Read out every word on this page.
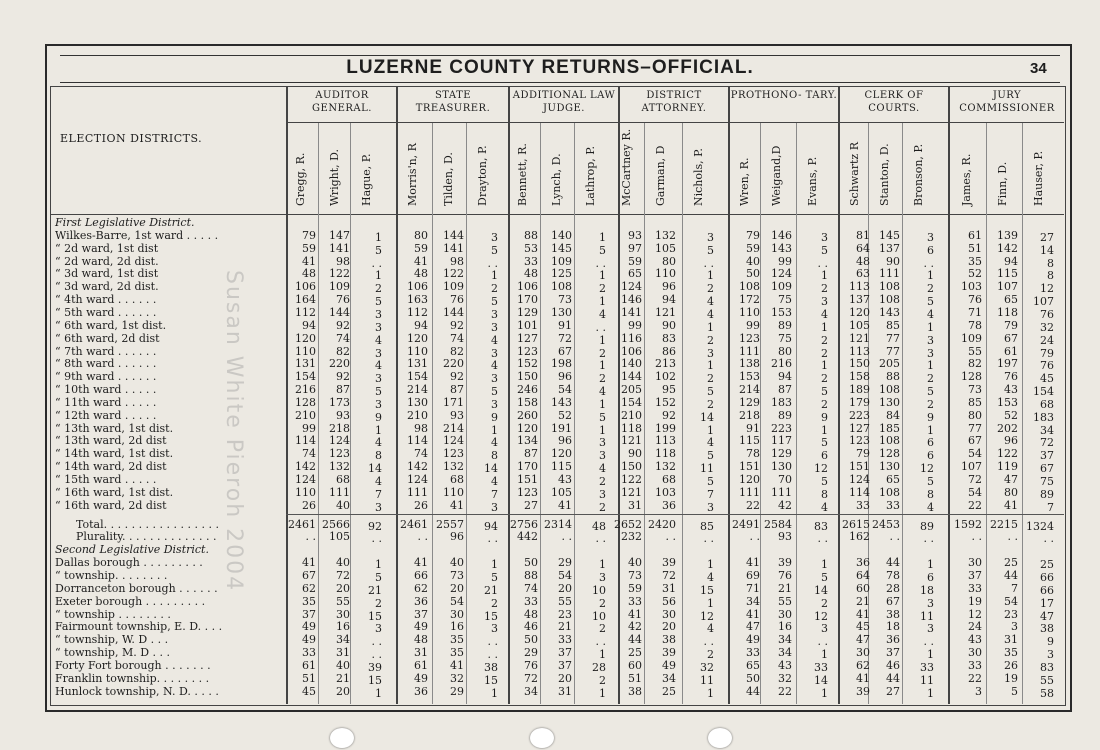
LUZERNE COUNTY RETURNS–OFFICIAL.	34
ELECTION DISTRICTS.
Susan White Pieroh 2004
AUDITOR GENERAL.
Gregg, R. Wright, D. Hague, P.
STATE TREASURER.
Morris'n, R Tilden, D. Drayton, P.
ADDITIONAL LAW JUDGE.
Bennett, R. Lynch, D. Lathrop, P.
DISTRICT ATTORNEY.
McCartney R. Garman, D Nichols, P.
PROTHONO- TARY.
Wren, R. Weigand,D Evans, P.
CLERK OF COURTS.
Schwartz R Stanton, D. Bronson, P.
JURY COMMISSIONER
James, R. Finn, D. Hauser, P.
First Legislative District.
Wilkes-Barre, 1st ward . . . . .	79	147	1	80	144	3	88	140	1	93	132	3	79	146	3	81 145	3	61	139	27
“ 2d ward, 1st dist	59	141	5	59	141	5	53	145	5	97	105	5	59	143	5	64 137	6	51	142	14
“ 2d ward, 2d dist.	41	98	. .	41	98	. .	33	109	. .	59	80	. .	40	99	. .	48	90	. .	35	94	8
“ 3d ward, 1st dist	48	122	1	48	122	1	48	125	1	65	110	1	50	124	1	63 111	1	52	115	8
“ 3d ward, 2d dist.	106	109	2	106	109	2	106	108	2	124	96	2	108	109	2	113 108	2	103	107	12
“ 4th ward . . . . . .	164	76	5	163	76	5	170	73	1	146	94	4	172	75	3	137 108	5	76	65	107
“ 5th ward . . . . . .	112	144	3	112	144	3	129	130	4	141	121	4	110	153	4	120 143	4	71	118	76
“ 6th ward, 1st dist.	94	92	3	94	92	3	101	91	. .	99	90	1	99	89	1	105	85	1	78	79	32
“ 6th ward, 2d dist	120	74	4	120	74	4	127	72	1	116	83	2	123	75	2	121	77	3	109	67	24
“ 7th ward . . . . . .	110	82	3	110	82	3	123	67	2	106	86	3	111	80	2	113	77	3	55	61	79
“ 8th ward . . . . . .	131	220	4	131	220	4	152	198	1	140	213	1	138	216	1	150 205	1	82	197	76
“ 9th ward . . . . . .	154	92	3	154	92	3	150	96	2	144	102	2	153	94	2	158	88	2	128	76	45
“ 10th ward . . . . .	216	87	5	214	87	5	246	54	4	205	95	5	214	87	5	189 108	5	73	43	154
“ 11th ward . . . . .	128	173	3	130	171	3	158	143	1	154	152	2	129	183	2	179 130	2	85	153	68
“ 12th ward . . . . .	210	93	9	210	93	9	260	52	5	210	92	14	218	89	9	223	84	9	80	52	183
“ 13th ward, 1st dist.	99	218	1	98	214	1	120	191	1	118	199	1	91	223	1	127 185	1	77	202	34
“ 13th ward, 2d dist	114	124	4	114	124	4	134	96	3	121	113	4	115	117	5	123 108	6	67	96	72
“ 14th ward, 1st dist.	74	123	8	74	123	8	87	120	3	90	118	5	78	129	6	79 128	6	54	122	37
“ 14th ward, 2d dist	142	132	14	142	132	14	170	115	4	150	132	11	151	130	12	151 130	12	107	119	67
“ 15th ward . . . . .	124	68	4	124	68	4	151	43	2	122	68	5	120	70	5	124	65	5	72	47	75
“ 16th ward, 1st dist.	110	111	7	111	110	7	123	105	3	121	103	7	111	111	8	114 108	8	54	80	89
“ 16th ward, 2d dist	26	40	3	26	41	3	27	41	2	31	36	3	22	42	4	33	33	4	22	41	7
Total. . . . . . . . . . . . . . . . .	2461 2566	92 2461 2557	94 2756 2314	48 2652 2420	85 2491 2584	83 2615 2453	89 1592 2215 1324
Plurality. . . . . . . . . . . . . .	. .	105	. .	. .	96	. .	442	. .	. .	232	. .	. .	. .	93	. .	162	. .	. .	. .	. .	. .
Second Legislative District.
Dallas borough . . . . . . . . .	41	40	1	41	40	1	50	29	1	40	39	1	41	39	1	36	44	1	30	25	25
“ township. . . . . . . .	67	72	5	66	73	5	88	54	3	73	72	4	69	76	5	64	78	6	37	44	66
Dorranceton borough . . . . . .	62	20	21	62	20	21	74	20	10	59	31	15	71	21	14	60	28	18	33	7	66
Exeter borough . . . . . . . . .	35	55	2	36	54	2	33	55	2	33	56	1	34	55	2	21	67	3	19	54	17
“ township . . . . . . . .	37	30	15	37	30	15	48	23	10	41	30	12	41	30	12	41	38	11	12	23	47
Fairmount township, E. D. . . .	49	16	3	49	16	3	46	21	2	42	20	4	47	16	3	45	18	3	24	3	38
“ township, W. D . . .	49	34	. .	48	35	. .	50	33	. .	44	38	. .	49	34	. .	47	36	. .	43	31	9
“ township, M. D . . .	33	31	. .	31	35	. .	29	37	1	25	39	2	33	34	1	30	37	1	30	35	3
Forty Fort borough . . . . . . .	61	40	39	61	41	38	76	37	28	60	49	32	65	43	33	62	46	33	33	26	83
Franklin township. . . . . . . .	51	21	15	49	32	15	72	20	2	51	34	11	50	32	14	41	44	11	22	19	55
Hunlock township, N. D. . . . .	45	20	1	36	29	1	34	31	1	38	25	1	44	22	1	39	27	1	3	5	58
